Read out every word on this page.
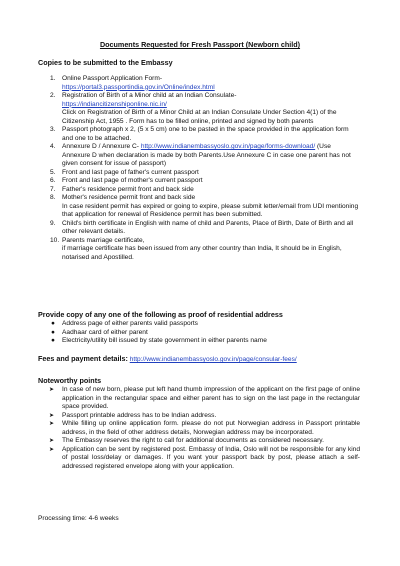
Documents Requested for Fresh Passport (Newborn child)
Copies to be submitted to the Embassy
1. Online Passport Application Form-
https://portal3.passportindia.gov.in/Online/index.html
2. Registration of Birth of a Minor child at an Indian Consulate-
https://indiancitizenshiponline.nic.in/
Click on Registration of Birth of a Minor Child at an Indian Consulate Under Section 4(1) of the Citizenship Act, 1955 . Form has to be filled online, printed and signed by both parents
3. Passport photograph x 2, (5 x 5 cm) one to be pasted in the space provided in the application form and one to be attached.
4. Annexure D / Annexure C- http://www.indianembassyoslo.gov.in/page/forms-download/ (Use Annexure D when declaration is made by both Parents.Use Annexure C in case one parent has not given consent for issue of passport)
5. Front and last page of father's current passport
6. Front and last page of mother's current passport
7. Father's residence permit front and back side
8. Mother's residence permit front and back side
In case resident permit has expired or going to expire, please submit letter/email from UDI mentioning that application for renewal of Residence permit has been submitted.
9. Child's birth certificate in English with name of child and Parents, Place of Birth, Date of Birth and all other relevant details.
10. Parents marriage certificate,
if marriage certificate has been issued from any other country than India, It should be in English, notarised and Apostilled.
Provide copy of any one of the following as proof of residential address
● Address page of either parents valid passports
● Aadhaar card of either parent
● Electricity/utility bill issued by state government in either parents name
Fees and payment details: http://www.indianembassyoslo.gov.in/page/consular-fees/
Noteworthy points
➤ In case of new born, please put left hand thumb impression of the applicant on the first page of online application in the rectangular space and either parent has to sign on the last page in the rectangular space provided.
➤ Passport printable address has to be Indian address.
➤ While filling up online application form. please do not put Norwegian address in Passport printable address, in the field of other address details, Norwegian address may be incorporated.
➤ The Embassy reserves the right to call for additional documents as considered necessary.
➤ Application can be sent by registered post. Embassy of India, Oslo will not be responsible for any kind of postal loss/delay or damages. If you want your passport back by post, please attach a self-addressed registered envelope along with your application.
Processing time: 4-6 weeks
